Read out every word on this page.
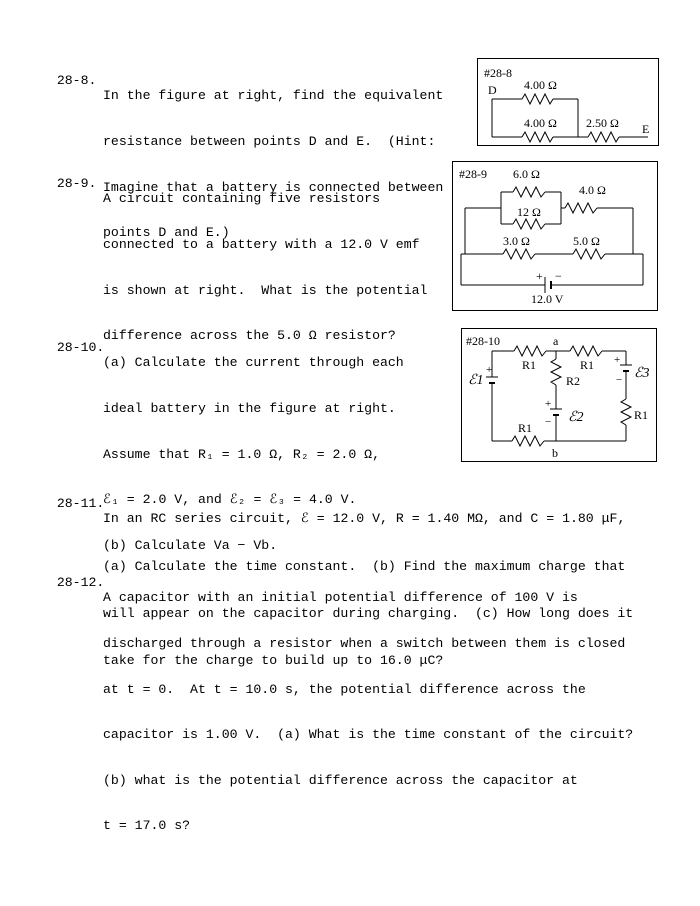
28-8.

In the figure at right, find the equivalent

resistance between points D and E.  (Hint:

Imagine that a battery is connected between

points D and E.)

#28-8
D 4.00 Ω
4.00 Ω 2.50 Ω E

28-9.

A circuit containing five resistors

connected to a battery with a 12.0 V emf

is shown at right.  What is the potential

difference across the 5.0 Ω resistor?

#28-9 6.0 Ω
4.0 Ω
12 Ω
3.0 Ω	5.0 Ω
+ −
12.0 V

28-10.

(a) Calculate the current through each

ideal battery in the figure at right.

Assume that R₁ = 1.0 Ω, R₂ = 2.0 Ω,

ℰ₁ = 2.0 V, and ℰ₂ = ℰ₃ = 4.0 V.

(b) Calculate Va − Vb.

#28-10	a
b
R1	R1
R2
R1
R1
ℰ1
ℰ2
ℰ3
+
+
−
+
−

28-11.

In an RC series circuit, ℰ = 12.0 V, R = 1.40 MΩ, and C = 1.80 μF,

(a) Calculate the time constant.  (b) Find the maximum charge that

will appear on the capacitor during charging.  (c) How long does it

take for the charge to build up to 16.0 μC?

28-12.

A capacitor with an initial potential difference of 100 V is

discharged through a resistor when a switch between them is closed

at t = 0.  At t = 10.0 s, the potential difference across the

capacitor is 1.00 V.  (a) What is the time constant of the circuit?

(b) what is the potential difference across the capacitor at

t = 17.0 s?
